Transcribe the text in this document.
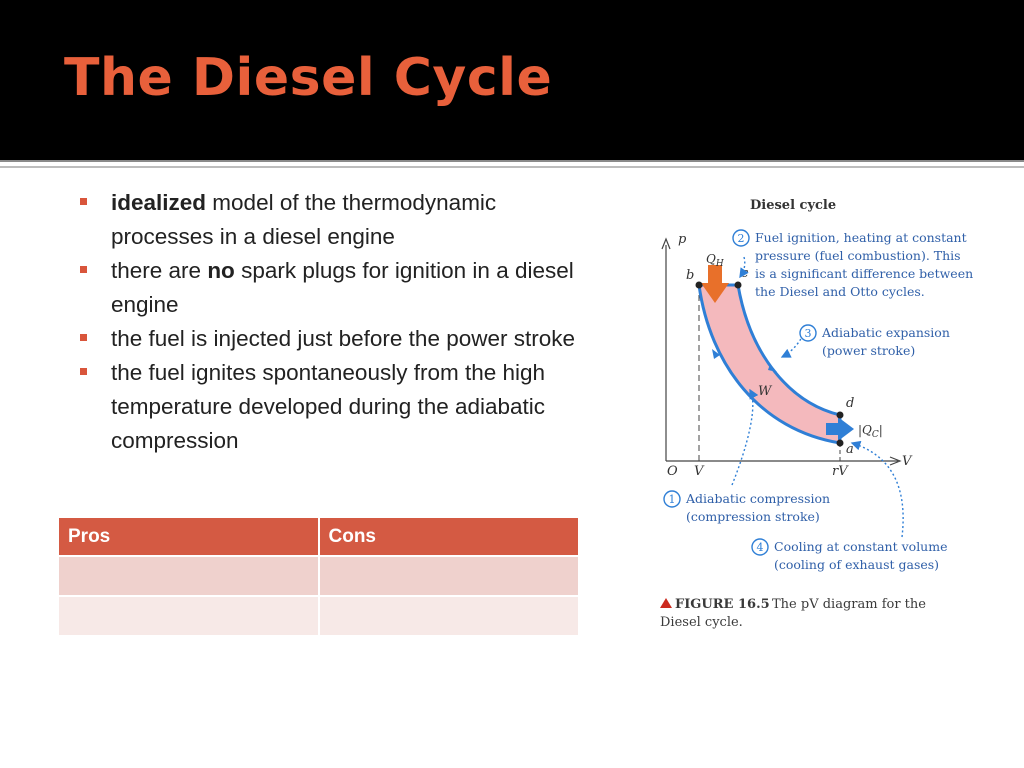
The Diesel Cycle
idealized model of the thermodynamic processes in a diesel engine
there are no spark plugs for ignition in a diesel engine
the fuel is injected just before the power stroke
the fuel ignites spontaneously from the high temperature developed during the adiabatic compression
Pros	Cons

Diesel cycle
p
V
O V	rV
b	c
d
a
$Q_H$
$|Q_C|$
W
2 Fuel ignition, heating at constant
pressure (fuel combustion). This
is a significant difference between
the Diesel and Otto cycles.
3 Adiabatic expansion
(power stroke)
1 Adiabatic compression
(compression stroke)
4 Cooling at constant volume
(cooling of exhaust gases)
FIGURE 16.5 The pV diagram for the
Diesel cycle.
